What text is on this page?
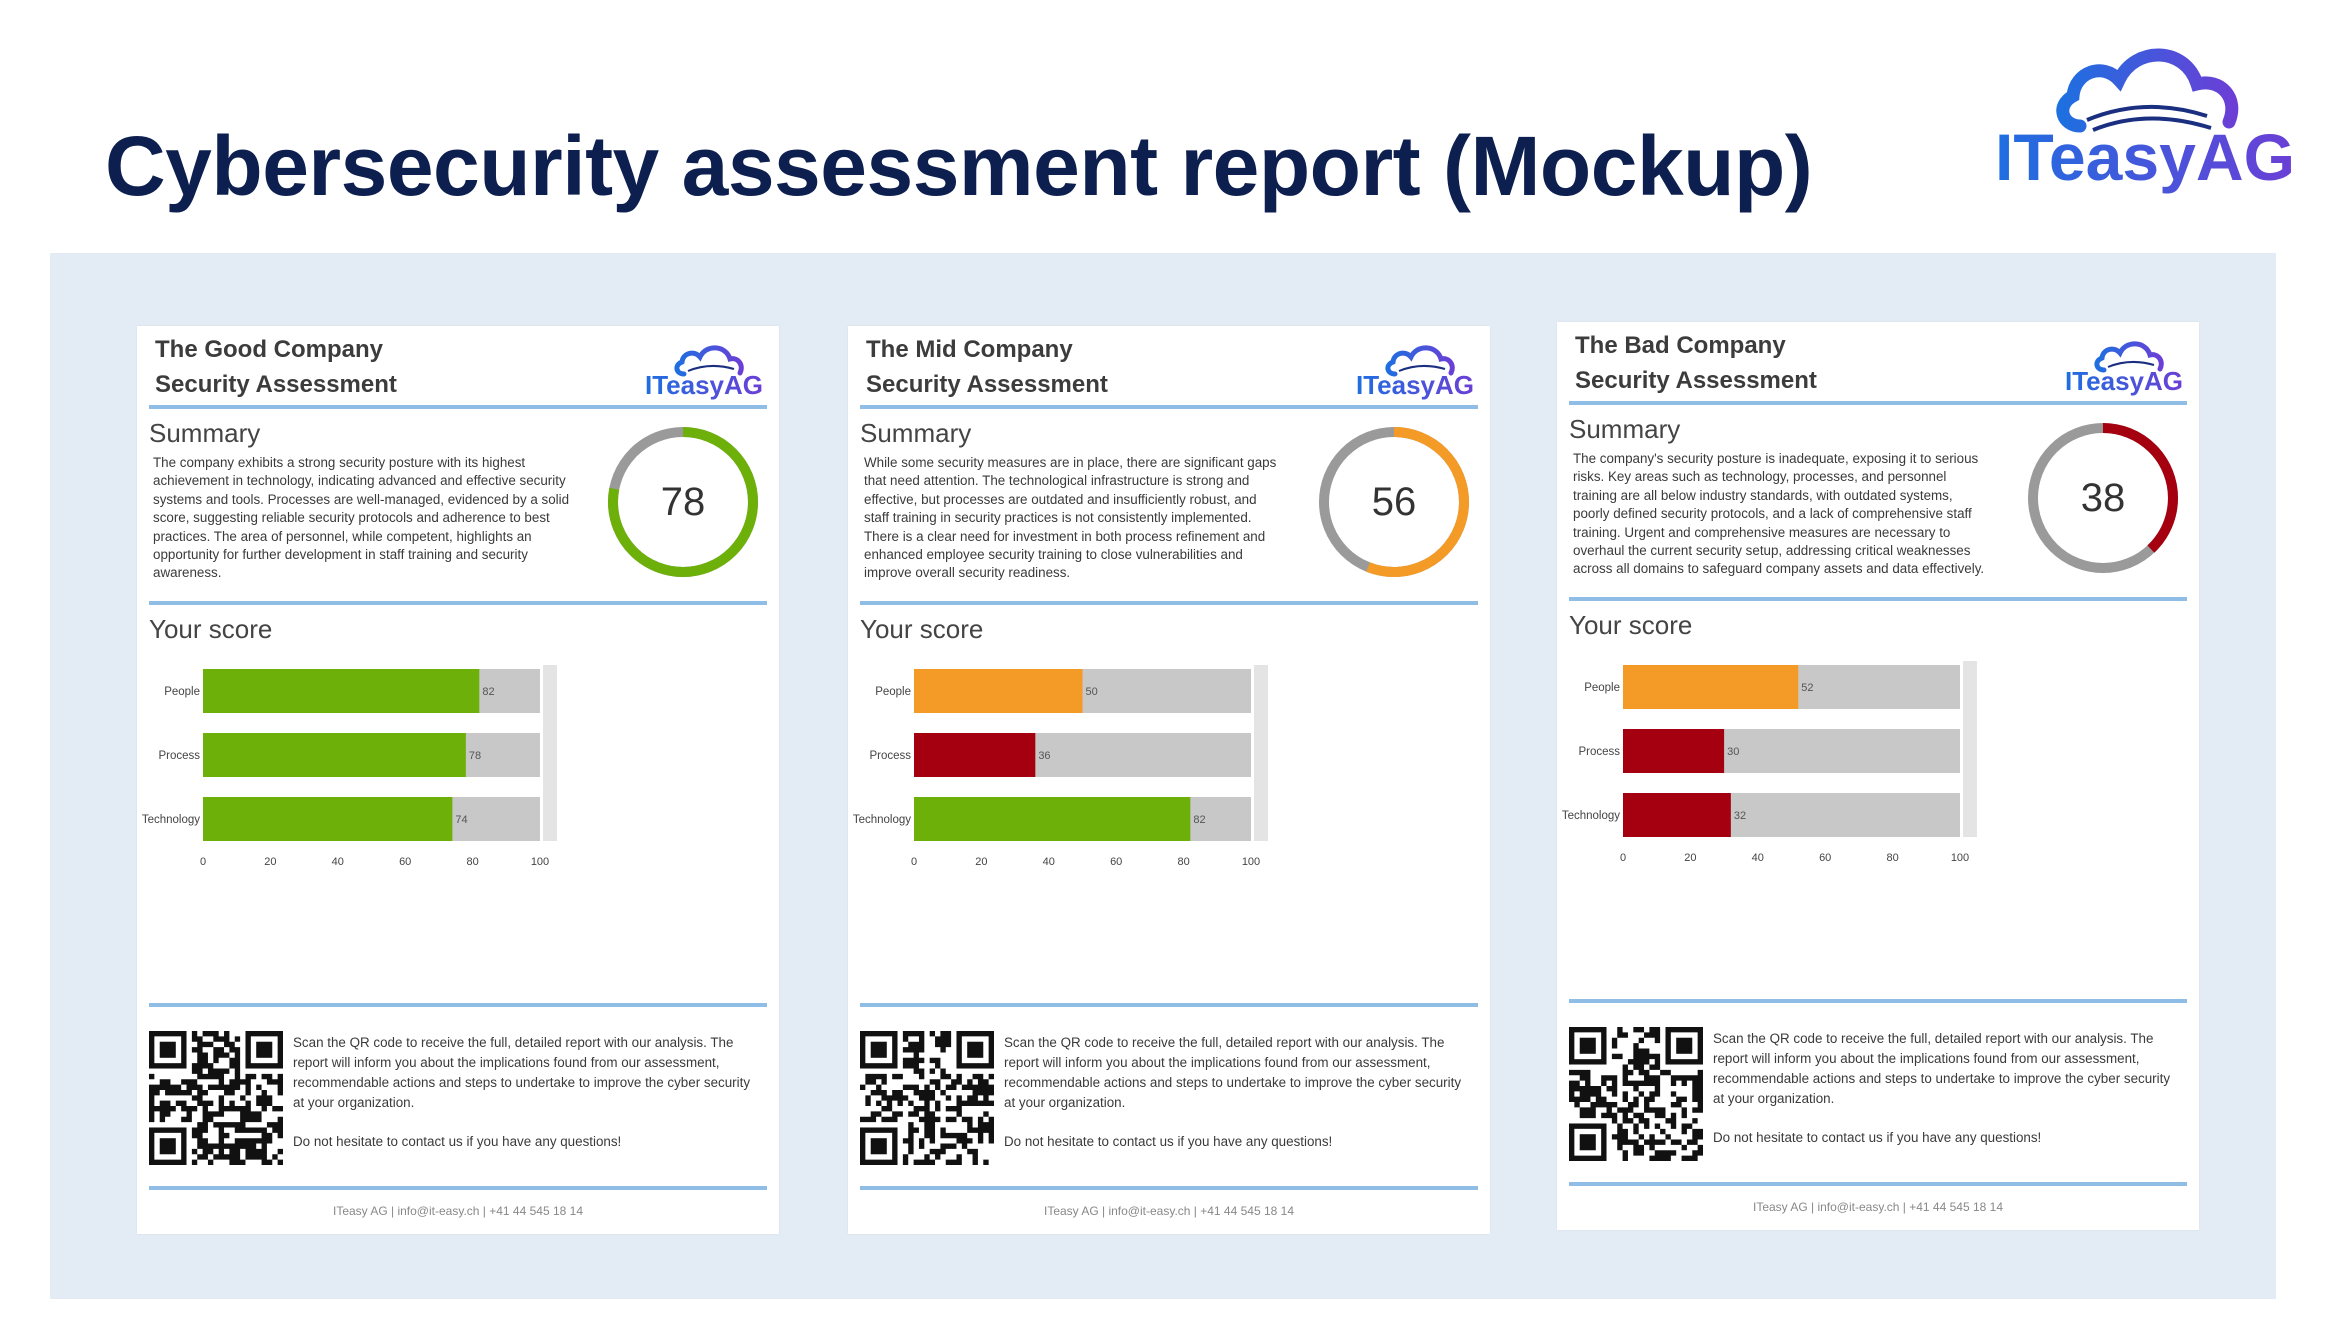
Cybersecurity assessment report (Mockup)	ITeasyAG
The Good Company
Security Assessment	ITeasyAG
Summary
The company exhibits a strong security posture with its highest achievement in technology, indicating advanced and effective security systems and tools. Processes are well-managed, evidenced by a solid score, suggesting reliable security protocols and adherence to best practices. The area of personnel, while competent, highlights an opportunity for further development in staff training and security awareness.
78
Your score
People	82
Process	78
Technology	74
0	20	40	60	80	100
Scan the QR code to receive the full, detailed report with our analysis. The report will inform you about the implications found from our assessment, recommendable actions and steps to undertake to improve the cyber security at your organization.
Do not hesitate to contact us if you have any questions!
ITeasy AG | info@it-easy.ch | +41 44 545 18 14
The Mid Company
Security Assessment	ITeasyAG
Summary
While some security measures are in place, there are significant gaps that need attention. The technological infrastructure is strong and effective, but processes are outdated and insufficiently robust, and staff training in security practices is not consistently implemented. There is a clear need for investment in both process refinement and enhanced employee security training to close vulnerabilities and improve overall security readiness.
56
Your score
People	50
Process	36
Technology	82
0	20	40	60	80	100
Scan the QR code to receive the full, detailed report with our analysis. The report will inform you about the implications found from our assessment, recommendable actions and steps to undertake to improve the cyber security at your organization.
Do not hesitate to contact us if you have any questions!
ITeasy AG | info@it-easy.ch | +41 44 545 18 14
The Bad Company
Security Assessment	ITeasyAG
Summary
The company's security posture is inadequate, exposing it to serious risks. Key areas such as technology, processes, and personnel training are all below industry standards, with outdated systems, poorly defined security protocols, and a lack of comprehensive staff training. Urgent and comprehensive measures are necessary to overhaul the current security setup, addressing critical weaknesses across all domains to safeguard company assets and data effectively.
38
Your score
People	52
Process	30
Technology	32
0	20	40	60	80	100
Scan the QR code to receive the full, detailed report with our analysis. The report will inform you about the implications found from our assessment, recommendable actions and steps to undertake to improve the cyber security at your organization.
Do not hesitate to contact us if you have any questions!
ITeasy AG | info@it-easy.ch | +41 44 545 18 14
